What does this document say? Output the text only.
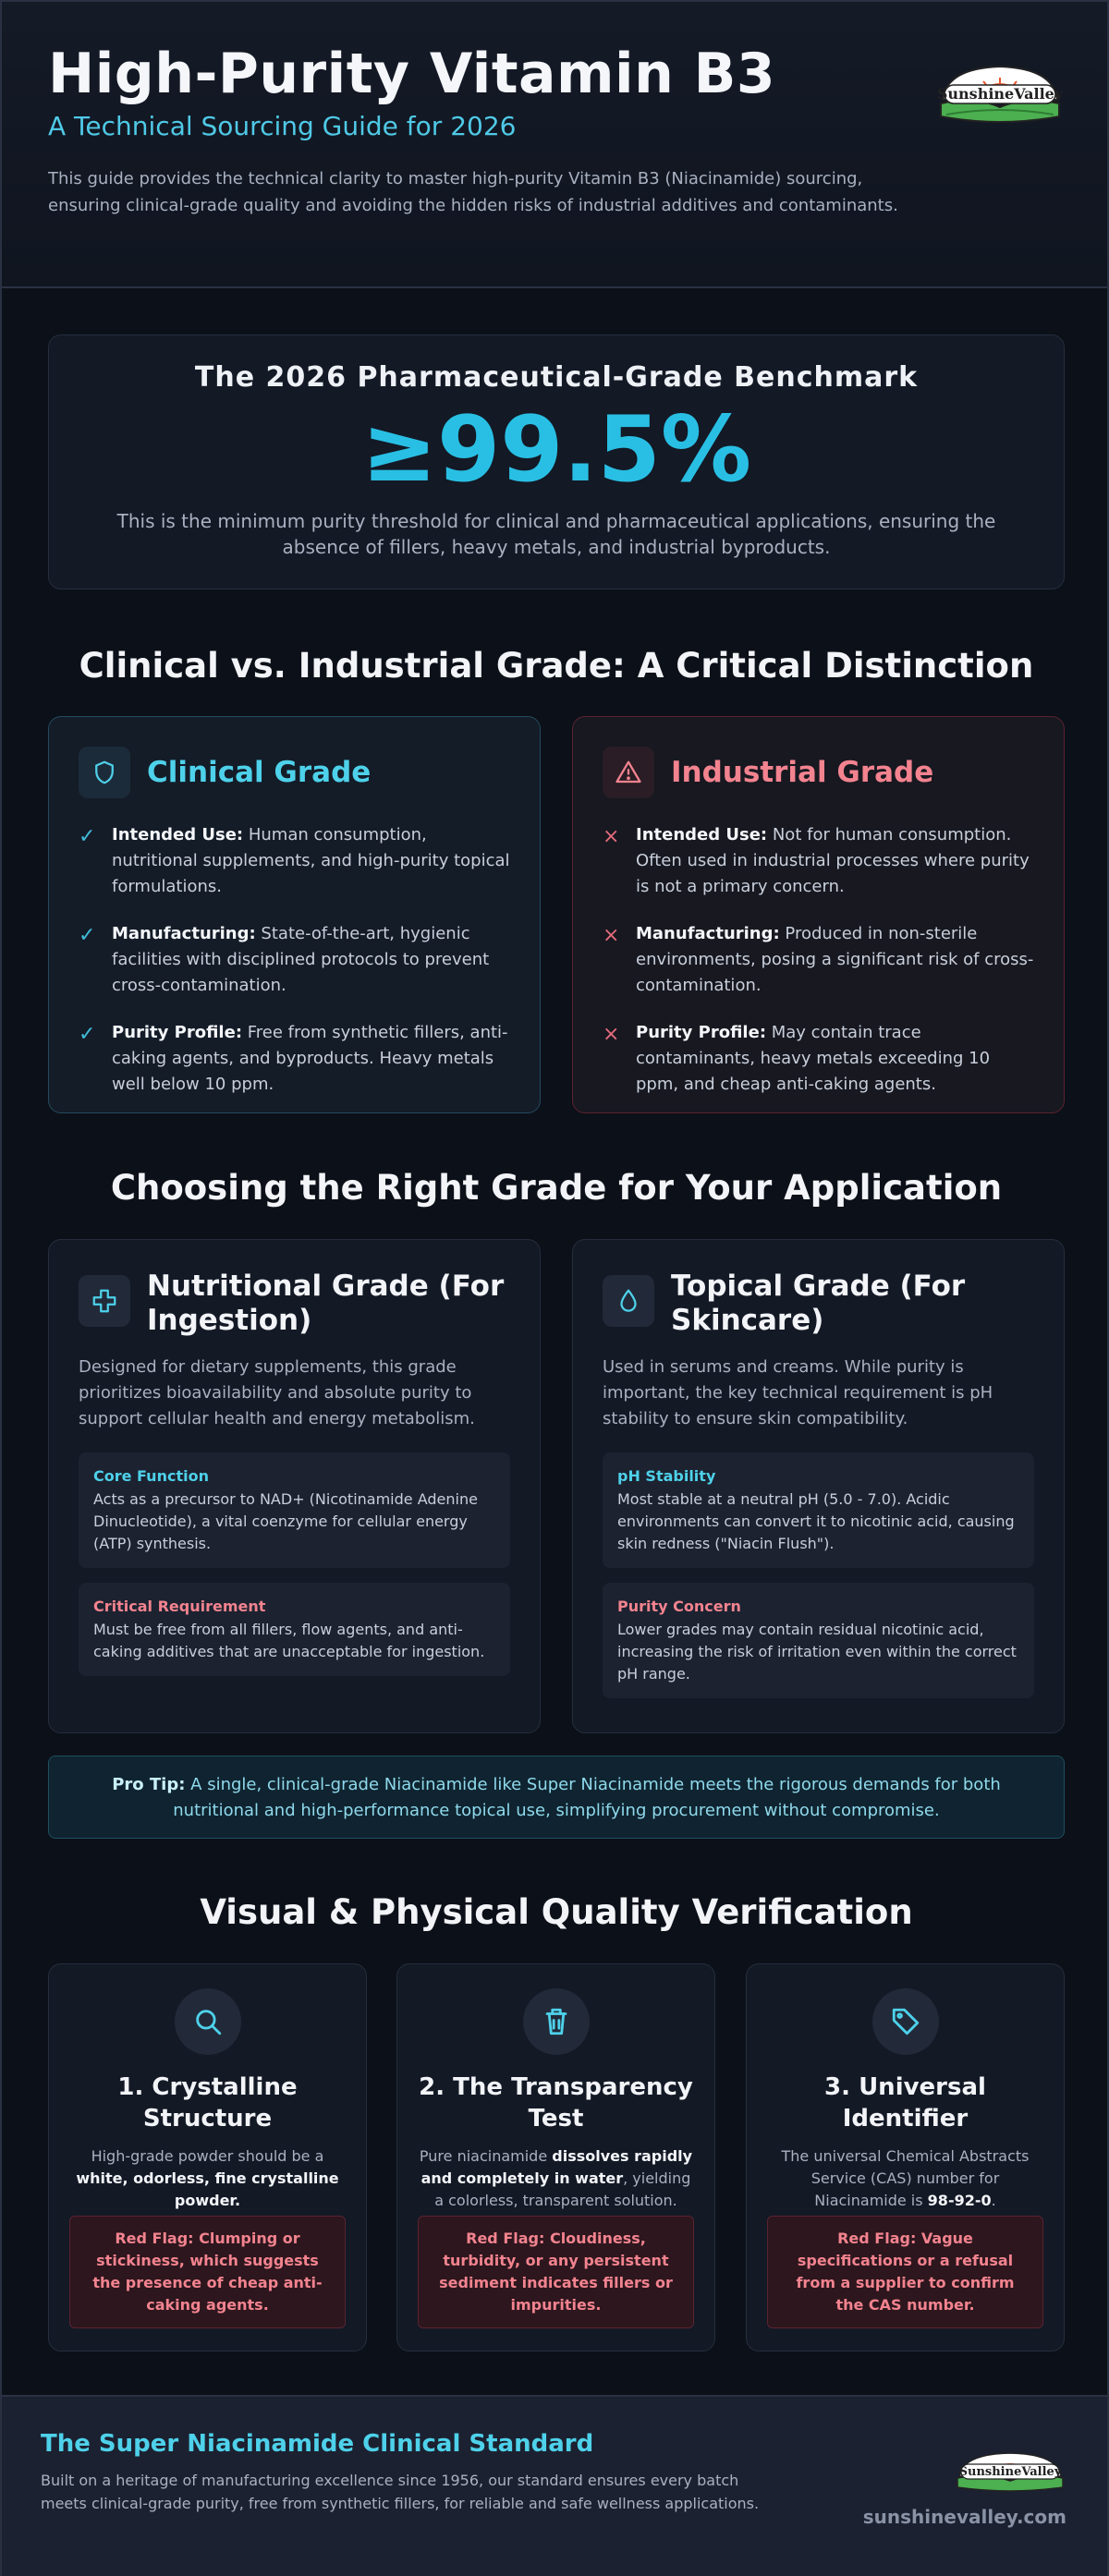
High-Purity Vitamin B3
A Technical Sourcing Guide for 2026

This guide provides the technical clarity to master high-purity Vitamin B3 (Niacinamide) sourcing, ensuring clinical-grade quality and avoiding the hidden risks of industrial additives and contaminants.

SunshineValley
The 2026 Pharmaceutical-Grade Benchmark
≥99.5%

This is the minimum purity threshold for clinical and pharmaceutical applications, ensuring the absence of fillers, heavy metals, and industrial byproducts.

Clinical vs. Industrial Grade: A Critical Distinction
Clinical Grade
✓ Intended Use: Human consumption, nutritional supplements, and high-purity topical formulations.
✓ Manufacturing: State-of-the-art, hygienic facilities with disciplined protocols to prevent cross-contamination.
✓ Purity Profile: Free from synthetic fillers, anti-caking agents, and byproducts. Heavy metals well below 10 ppm.
Industrial Grade
× Intended Use: Not for human consumption. Often used in industrial processes where purity is not a primary concern.
× Manufacturing: Produced in non-sterile environments, posing a significant risk of cross-contamination.
× Purity Profile: May contain trace contaminants, heavy metals exceeding 10 ppm, and cheap anti-caking agents.
Choosing the Right Grade for Your Application
Nutritional Grade (For Ingestion)

Designed for dietary supplements, this grade prioritizes bioavailability and absolute purity to support cellular health and energy metabolism.

Core Function
Acts as a precursor to NAD+ (Nicotinamide Adenine Dinucleotide), a vital coenzyme for cellular energy (ATP) synthesis.
Critical Requirement
Must be free from all fillers, flow agents, and anti-caking additives that are unacceptable for ingestion.
Topical Grade (For Skincare)

Used in serums and creams. While purity is important, the key technical requirement is pH stability to ensure skin compatibility.

pH Stability
Most stable at a neutral pH (5.0 - 7.0). Acidic environments can convert it to nicotinic acid, causing skin redness ("Niacin Flush").
Purity Concern
Lower grades may contain residual nicotinic acid, increasing the risk of irritation even within the correct pH range.
Pro Tip: A single, clinical-grade Niacinamide like Super Niacinamide meets the rigorous demands for both nutritional and high-performance topical use, simplifying procurement without compromise.
Visual & Physical Quality Verification
1. Crystalline Structure

High-grade powder should be a white, odorless, fine crystalline powder.

Red Flag: Clumping or stickiness, which suggests the presence of cheap anti-caking agents.
2. The Transparency Test

Pure niacinamide dissolves rapidly and completely in water, yielding a colorless, transparent solution.

Red Flag: Cloudiness, turbidity, or any persistent sediment indicates fillers or impurities.
3. Universal Identifier

The universal Chemical Abstracts Service (CAS) number for Niacinamide is 98-92-0.

Red Flag: Vague specifications or a refusal from a supplier to confirm the CAS number.
The Super Niacinamide Clinical Standard

Built on a heritage of manufacturing excellence since 1956, our standard ensures every batch meets clinical-grade purity, free from synthetic fillers, for reliable and safe wellness applications.

SunshineValley
sunshinevalley.com
